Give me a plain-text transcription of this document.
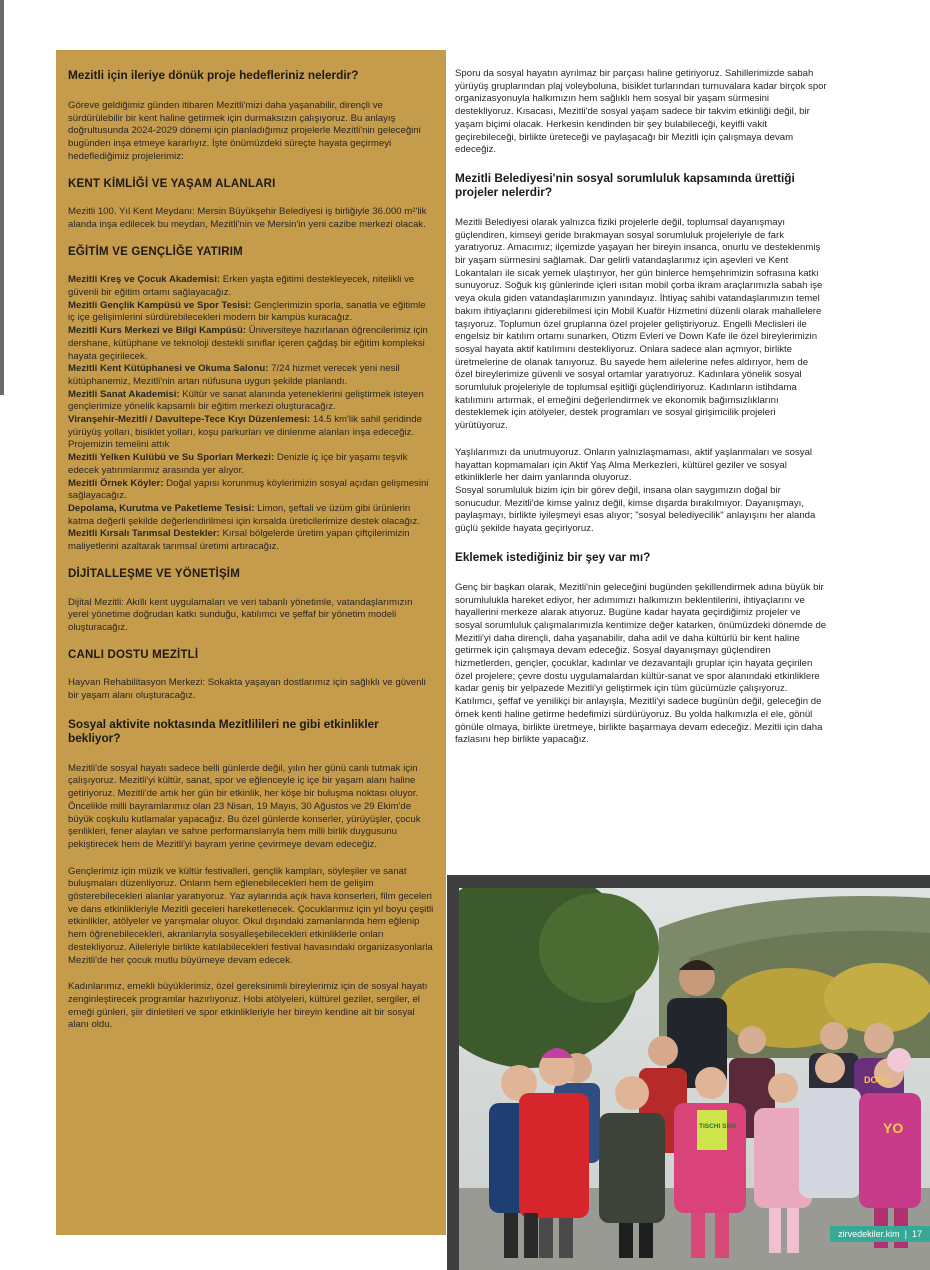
Mezitli için ileriye dönük proje hedefleriniz nelerdir?

Göreve geldiğimiz günden itibaren Mezitli'mizi daha yaşanabilir, dirençli ve sürdürülebilir bir kent haline getirmek için durmaksızın çalışıyoruz. Bu anlayış doğrultusunda 2024-2029 dönemi için planladığımız projelerle Mezitli'nin geleceğini bugünden inşa etmeye kararlıyız. İşte önümüzdeki süreçte hayata geçirmeyi hedeflediğimiz projelerimiz:

KENT KİMLİĞİ VE YAŞAM ALANLARI

Mezitli 100. Yıl Kent Meydanı: Mersin Büyükşehir Belediyesi iş birliğiyle 36.000 m²'lik alanda inşa edilecek bu meydan, Mezitli'nin ve Mersin'in yeni cazibe merkezi olacak.

EĞİTİM VE GENÇLİĞE YATIRIM

Mezitli Kreş ve Çocuk Akademisi: Erken yaşta eğitimi destekleyecek, nitelikli ve güvenli bir eğitim ortamı sağlayacağız.

Mezitli Gençlik Kampüsü ve Spor Tesisi: Gençlerimizin sporla, sanatla ve eğitimle iç içe gelişimlerini sürdürebilecekleri modern bir kampüs kuracağız.

Mezitli Kurs Merkezi ve Bilgi Kampüsü: Üniversiteye hazırlanan öğrencilerimiz için dershane, kütüphane ve teknoloji destekli sınıflar içeren çağdaş bir eğitim kompleksi hayata geçirilecek.

Mezitli Kent Kütüphanesi ve Okuma Salonu: 7/24 hizmet verecek yeni nesil kütüphanemiz, Mezitli'nin artan nüfusuna uygun şekilde planlandı.

Mezitli Sanat Akademisi: Kültür ve sanat alanında yeteneklerini geliştirmek isteyen gençlerimize yönelik kapsamlı bir eğitim merkezi oluşturacağız.

Viranşehir-Mezitli / Davultepe-Tece Kıyı Düzenlemesi: 14.5 km'lik sahil şeridinde yürüyüş yolları, bisiklet yolları, koşu parkurları ve dinlenme alanları inşa edeceğiz. Projemizin temelini attık

Mezitli Yelken Kulübü ve Su Sporları Merkezi: Denizle iç içe bir yaşamı teşvik edecek yatırımlarımız arasında yer alıyor.

Mezitli Örnek Köyler: Doğal yapısı korunmuş köylerimizin sosyal açıdan gelişmesini sağlayacağız.

Depolama, Kurutma ve Paketleme Tesisi: Limon, şeftali ve üzüm gibi ürünlerin katma değerli şekilde değerlendirilmesi için kırsalda üreticilerimize destek olacağız.

Mezitli Kırsalı Tarımsal Destekler: Kırsal bölgelerde üretim yapan çiftçilerimizin maliyetlerini azaltarak tarımsal üretimi artıracağız.

DİJİTALLEŞME VE YÖNETİŞİM

Dijital Mezitli: Akıllı kent uygulamaları ve veri tabanlı yönetimle, vatandaşlarımızın yerel yönetime doğrudan katkı sunduğu, katılımcı ve şeffaf bir yönetim modeli oluşturacağız.

CANLI DOSTU MEZİTLİ

Hayvan Rehabilitasyon Merkezi: Sokakta yaşayan dostlarımız için sağlıklı ve güvenli bir yaşam alanı oluşturacağız.

Sosyal aktivite noktasında Mezitlilileri ne gibi etkinlikler bekliyor?

Mezitli'de sosyal hayatı sadece belli günlerde değil, yılın her günü canlı tutmak için çalışıyoruz. Mezitli'yi kültür, sanat, spor ve eğlenceyle iç içe bir yaşam alanı haline getiriyoruz. Mezitli'de artık her gün bir etkinlik, her köşe bir buluşma noktası oluyor. Öncelikle milli bayramlarımız olan 23 Nisan, 19 Mayıs, 30 Ağustos ve 29 Ekim'de büyük coşkulu kutlamalar yapacağız. Bu özel günlerde konserler, yürüyüşler, çocuk şenlikleri, fener alayları ve sahne performanslarıyla hem milli birlik duygusunu pekiştirecek hem de Mezitli'yi bayram yerine çevirmeye devam edeceğiz.

Gençlerimiz için müzik ve kültür festivalleri, gençlik kampları, söyleşiler ve sanat buluşmaları düzenliyoruz. Onların hem eğlenebilecekleri hem de gelişim gösterebilecekleri alanlar yaratıyoruz. Yaz aylarında açık hava konserleri, film geceleri ve dans etkinlikleriyle Mezitli geceleri hareketlenecek. Çocuklarımız için yıl boyu çeşitli etkinlikler, atölyeler ve yarışmalar oluyor. Okul dışındaki zamanlarında hem eğlenip hem öğrenebilecekleri, akranlarıyla sosyalleşebilecekleri etkinliklerle onları destekliyoruz. Aileleriyle birlikte katılabilecekleri festival havasındaki organizasyonlarla Mezitli'de her çocuk mutlu büyümeye devam edecek.

Kadınlarımız, emekli büyüklerimiz, özel gereksinimli bireylerimiz için de sosyal hayatı zenginleştirecek programlar hazırlıyoruz. Hobi atölyeleri, kültürel geziler, sergiler, el emeği günleri, şiir dinletileri ve spor etkinlikleriyle her bireyin kendine ait bir sosyal alanı oldu.

Sporu da sosyal hayatın ayrılmaz bir parçası haline getiriyoruz. Sahillerimizde sabah yürüyüş gruplarından plaj voleyboluna, bisiklet turlarından turnuvalara kadar birçok spor organizasyonuyla halkımızın hem sağlıklı hem sosyal bir yaşam sürmesini destekliyoruz. Kısacası, Mezitli'de sosyal yaşam sadece bir takvim etkinliği değil, bir yaşam biçimi olacak. Herkesin kendinden bir şey bulabileceği, keyifli vakit geçirebileceği, birlikte üreteceği ve paylaşacağı bir Mezitli için çalışmaya devam edeceğiz.

Mezitli Belediyesi'nin sosyal sorumluluk kapsamında ürettiği projeler nelerdir?

Mezitli Belediyesi olarak yalnızca fiziki projelerle değil, toplumsal dayanışmayı güçlendiren, kimseyi geride bırakmayan sosyal sorumluluk projeleriyle de fark yaratıyoruz. Amacımız; ilçemizde yaşayan her bireyin insanca, onurlu ve desteklenmiş bir yaşam sürmesini sağlamak. Dar gelirli vatandaşlarımız için aşevleri ve Kent Lokantaları ile sıcak yemek ulaştırıyor, her gün binlerce hemşehrimizin sofrasına katkı sunuyoruz. Soğuk kış günlerinde içleri ısıtan mobil çorba ikram araçlarımızla sabah işe veya okula giden vatandaşlarımızın yanındayız. İhtiyaç sahibi vatandaşlarımızın temel bakım ihtiyaçlarını giderebilmesi için Mobil Kuaför Hizmetini düzenli olarak mahallelere taşıyoruz. Toplumun özel gruplarına özel projeler geliştiriyoruz. Engelli Meclisleri ile engelsiz bir katılım ortamı sunarken, Otizm Evleri ve Down Kafe ile özel bireylerimizin sosyal hayata aktif katılımını destekliyoruz. Onlara sadece alan açmıyor, birlikte üretmelerine de olanak tanıyoruz. Bu sayede hem ailelerine nefes aldırıyor, hem de özel bireylerimize güvenli ve sosyal ortamlar yaratıyoruz. Kadınlara yönelik sosyal sorumluluk projeleriyle de toplumsal eşitliği güçlendiriyoruz. Kadınların istihdama katılımını artırmak, el emeğini değerlendirmek ve ekonomik bağımsızlıklarını desteklemek için atölyeler, destek programları ve sosyal girişimcilik projeleri yürütüyoruz.

Yaşlılarımızı da unutmuyoruz. Onların yalnızlaşmaması, aktif yaşlanmaları ve sosyal hayattan kopmamaları için Aktif Yaş Alma Merkezleri, kültürel geziler ve sosyal etkinliklerle her daim yanlarında oluyoruz.

Sosyal sorumluluk bizim için bir görev değil, insana olan saygımızın doğal bir sonucudur. Mezitli'de kimse yalnız değil, kimse dışarda bırakılmıyor. Dayanışmayı, paylaşmayı, birlikte iyileşmeyi esas alıyor; "sosyal belediyecilik" anlayışını her alanda güçlü şekilde hayata geçiriyoruz.

Eklemek istediğiniz bir şey var mı?

Genç bir başkan olarak, Mezitli'nin geleceğini bugünden şekillendirmek adına büyük bir sorumlulukla hareket ediyor, her adımımızı halkımızın beklentilerini, ihtiyaçlarını ve hayallerini merkeze alarak atıyoruz. Bugüne kadar hayata geçirdiğimiz projeler ve sosyal sorumluluk çalışmalarımızla kentimize değer katarken, önümüzdeki dönemde de Mezitli'yi daha dirençli, daha yaşanabilir, daha adil ve daha kültürlü bir kent haline getirmek için çalışmaya devam edeceğiz. Sosyal dayanışmayı güçlendiren hizmetlerden, gençler, çocuklar, kadınlar ve dezavantajlı gruplar için hayata geçirilen özel projelere; çevre dostu uygulamalardan kültür-sanat ve spor alanındaki etkinliklere kadar geniş bir yelpazede Mezitli'yi geliştirmek için tüm gücümüzle çalışıyoruz. Katılımcı, şeffaf ve yenilikçi bir anlayışla, Mezitli'yi sadece bugünün değil, geleceğin de örnek kenti haline getirme hedefimizi sürdürüyoruz. Bu yolda halkımızla el ele, gönül gönüle olmaya, birlikte üretmeye, birlikte başarmaya devam edeceğiz. Mezitli için daha fazlasını hep birlikte yapacağız.

DOĞU
YO
TISCHI SMA
zirvedekiler.kim | 17
